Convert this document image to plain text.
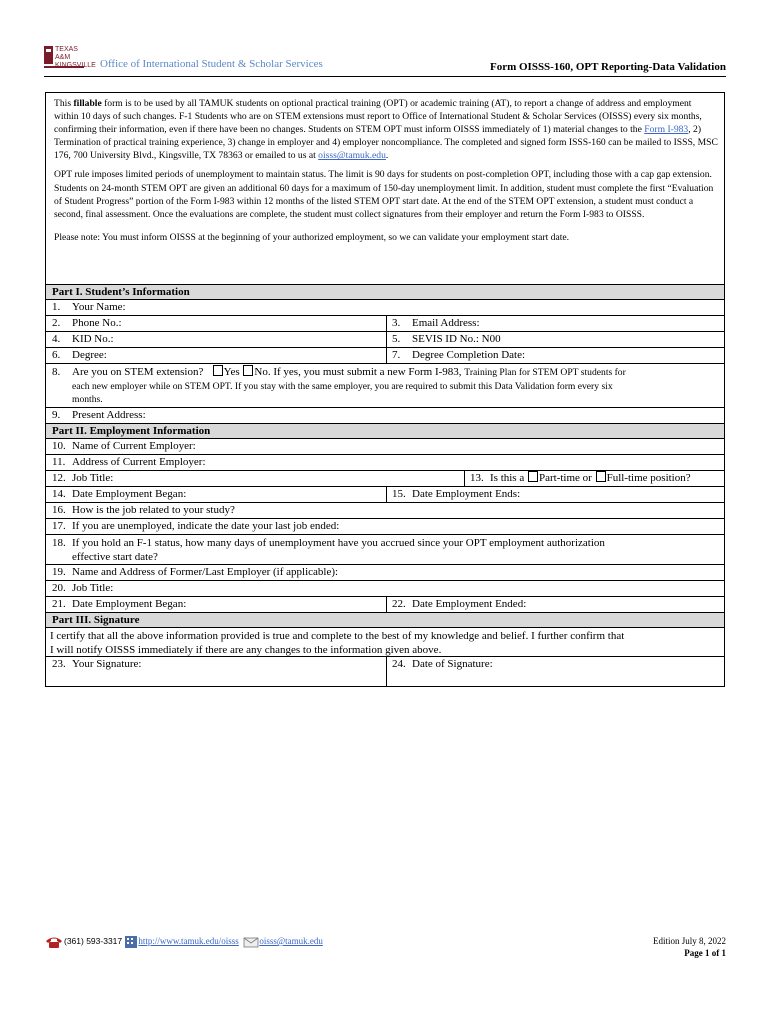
TEXAS A&M KINGSVILLE Office of International Student & Scholar Services	Form OISSS-160, OPT Reporting-Data Validation

This fillable form is to be used by all TAMUK students on optional practical training (OPT) or academic training (AT), to report a change of address and employment within 10 days of such changes. F-1 Students who are on STEM extensions must report to Office of International Student & Scholar Services (OISSS) every six months, confirming their information, even if there have been no changes. Students on STEM OPT must inform OISSS immediately of 1) material changes to the Form I-983, 2) Termination of practical training experience, 3) change in employer and 4) employer noncompliance. The completed and signed form ISSS-160 can be mailed to ISSS, MSC 176, 700 University Blvd., Kingsville, TX 78363 or emailed to us at oisss@tamuk.edu.

OPT rule imposes limited periods of unemployment to maintain status. The limit is 90 days for students on post-completion OPT, including those with a cap gap extension. Students on 24-month STEM OPT are given an additional 60 days for a maximum of 150-day unemployment limit. In addition, student must complete the first “Evaluation of Student Progress” portion of the Form I-983 within 12 months of the listed STEM OPT start date. At the end of the STEM OPT extension, a student must conduct a second, final assessment. Once the evaluations are complete, the student must collect signatures from their employer and return the Form I-983 to OISSS.

Please note: You must inform OISSS at the beginning of your authorized employment, so we can validate your employment start date.

Part I. Student’s Information
1. Your Name:
2. Phone No.:	3. Email Address:
4. KID No.:	5. SEVIS ID No.: N00
6. Degree:	7. Degree Completion Date:
8. Are you on STEM extension? Yes No. If yes, you must submit a new Form I-983, Training Plan for STEM OPT students for
each new employer while on STEM OPT. If you stay with the same employer, you are required to submit this Data Validation form every six
months.
9. Present Address:
Part II. Employment Information
10. Name of Current Employer:
11. Address of Current Employer:
12. Job Title:	13. Is this a Part-time or Full-time position?
14. Date Employment Began:	15. Date Employment Ends:
16. How is the job related to your study?
17. If you are unemployed, indicate the date your last job ended:
18. If you hold an F-1 status, how many days of unemployment have you accrued since your OPT employment authorization
effective start date?
19. Name and Address of Former/Last Employer (if applicable):
20. Job Title:
21. Date Employment Began:	22. Date Employment Ended:
Part III. Signature
I certify that all the above information provided is true and complete to the best of my knowledge and belief. I further confirm that
I will notify OISSS immediately if there are any changes to the information given above.
23. Your Signature:	24. Date of Signature:
(361) 593-3317 http://www.tamuk.edu/oisss oisss@tamuk.edu	Edition July 8, 2022
Page 1 of 1
